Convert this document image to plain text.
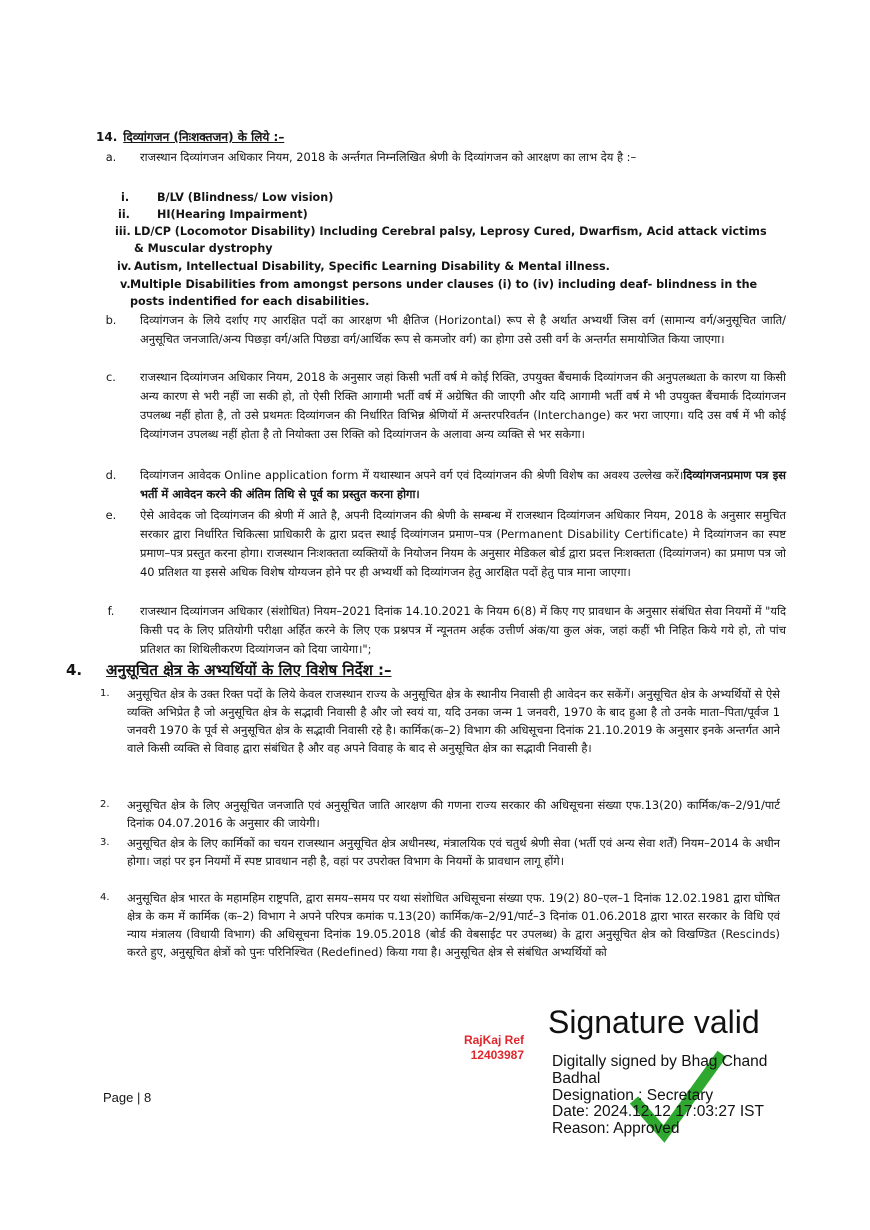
14. दिव्यांगजन (निःशक्तजन) के लिये :–
a.	राजस्थान दिव्यांगजन अधिकार नियम, 2018 के अर्न्तगत निम्नलिखित श्रेणी के दिव्यांगजन को आरक्षण का लाभ देय है :–
i. B/LV (Blindness/ Low vision)
ii. HI(Hearing Impairment)
iii. LD/CP (Locomotor Disability) Including Cerebral palsy, Leprosy Cured, Dwarfism, Acid attack victims & Muscular dystrophy
iv. Autism, Intellectual Disability, Specific Learning Disability & Mental illness.
v. Multiple Disabilities from amongst persons under clauses (i) to (iv) including deaf- blindness in the posts indentified for each disabilities.
b.	दिव्यांगजन के लिये दर्शाए गए आरक्षित पदों का आरक्षण भी क्षैतिज (Horizontal) रूप से है अर्थात अभ्यर्थी जिस वर्ग (सामान्य वर्ग/अनुसूचित जाति/अनुसूचित जनजाति/अन्य पिछड़ा वर्ग/अति पिछडा वर्ग/आर्थिक रूप से कमजोर वर्ग) का होगा उसे उसी वर्ग के अन्तर्गत समायोजित किया जाएगा।
c.	राजस्थान दिव्यांगजन अधिकार नियम, 2018 के अनुसार जहां किसी भर्ती वर्ष मे कोई रिक्ति, उपयुक्त बैंचमार्क दिव्यांगजन की अनुपलब्धता के कारण या किसी अन्य कारण से भरी नहीं जा सकी हो, तो ऐसी रिक्ति आगामी भर्ती वर्ष में अग्रेषित की जाएगी और यदि आगामी भर्ती वर्ष मे भी उपयुक्त बैंचमार्क दिव्यांगजन उपलब्ध नहीं होता है, तो उसे प्रथमतः दिव्यांगजन की निर्धारित विभिन्न श्रेणियों में अन्तरपरिवर्तन (Interchange) कर भरा जाएगा। यदि उस वर्ष में भी कोई दिव्यांगजन उपलब्ध नहीं होता है तो नियोक्ता उस रिक्ति को दिव्यांगजन के अलावा अन्य व्यक्ति से भर सकेगा।
d.	दिव्यांगजन आवेदक Online application form में यथास्थान अपने वर्ग एवं दिव्यांगजन की श्रेणी विशेष का अवश्य उल्लेख करें।दिव्यांगजनप्रमाण पत्र इस भर्ती में आवेदन करने की अंतिम तिथि से पूर्व का प्रस्तुत करना होगा।
e.	ऐसे आवेदक जो दिव्यांगजन की श्रेणी में आते है, अपनी दिव्यांगजन की श्रेणी के सम्बन्ध में राजस्थान दिव्यांगजन अधिकार नियम, 2018 के अनुसार समुचित सरकार द्वारा निर्धारित चिकित्सा प्राधिकारी के द्वारा प्रदत्त स्थाई दिव्यांगजन प्रमाण–पत्र (Permanent Disability Certificate) मे दिव्यांगजन का स्पष्ट प्रमाण–पत्र प्रस्तुत करना होगा। राजस्थान निःशक्तता व्यक्तियों के नियोजन नियम के अनुसार मेडिकल बोर्ड द्वारा प्रदत्त निःशक्तता (दिव्यांगजन) का प्रमाण पत्र जो 40 प्रतिशत या इससे अधिक विशेष योग्यजन होने पर ही अभ्यर्थी को दिव्यांगजन हेतु आरक्षित पदों हेतु पात्र माना जाएगा।
f.	राजस्थान दिव्यांगजन अधिकार (संशोधित) नियम–2021 दिनांक 14.10.2021 के नियम 6(8) में किए गए प्रावधान के अनुसार संबंधित सेवा नियमों में "यदि किसी पद के लिए प्रतियोगी परीक्षा अर्हित करने के लिए एक प्रश्नपत्र में न्यूनतम अर्हक उत्तीर्ण अंक/या कुल अंक, जहां कहीं भी निहित किये गये हो, तो पांच प्रतिशत का शिथिलीकरण दिव्यांगजन को दिया जायेगा।";
4. अनुसूचित क्षेत्र के अभ्यर्थियों के लिए विशेष निर्देश :–
1. अनुसूचित क्षेत्र के उक्त रिक्त पदों के लिये केवल राजस्थान राज्य के अनुसूचित क्षेत्र के स्थानीय निवासी ही आवेदन कर सकेंगें। अनुसूचित क्षेत्र के अभ्यर्थियों से ऐसे व्यक्ति अभिप्रेत है जो अनुसूचित क्षेत्र के सद्भावी निवासी है और जो स्वयं या, यदि उनका जन्म 1 जनवरी, 1970 के बाद हुआ है तो उनके माता–पिता/पूर्वज 1 जनवरी 1970 के पूर्व से अनुसूचित क्षेत्र के सद्भावी निवासी रहे है। कार्मिक(क–2) विभाग की अधिसूचना दिनांक 21.10.2019 के अनुसार इनके अन्तर्गत आने वाले किसी व्यक्ति से विवाह द्वारा संबंधित है और वह अपने विवाह के बाद से अनुसूचित क्षेत्र का सद्भावी निवासी है।
2. अनुसूचित क्षेत्र के लिए अनुसूचित जनजाति एवं अनुसूचित जाति आरक्षण की गणना राज्य सरकार की अधिसूचना संख्या एफ.13(20) कार्मिक/क–2/91/पार्ट दिनांक 04.07.2016 के अनुसार की जायेगी।
3. अनुसूचित क्षेत्र के लिए कार्मिकों का चयन राजस्थान अनुसूचित क्षेत्र अधीनस्थ, मंत्रालयिक एवं चतुर्थ श्रेणी सेवा (भर्ती एवं अन्य सेवा शर्तें) नियम–2014 के अधीन होगा। जहां पर इन नियमों में स्पष्ट प्रावधान नही है, वहां पर उपरोक्त विभाग के नियमों के प्रावधान लागू होंगे।
4. अनुसूचित क्षेत्र भारत के महामहिम राष्ट्रपति, द्वारा समय–समय पर यथा संशोधित अधिसूचना संख्या एफ. 19(2) 80–एल–1 दिनांक 12.02.1981 द्वारा घोषित क्षेत्र के कम में कार्मिक (क–2) विभाग ने अपने परिपत्र कमांक प.13(20) कार्मिक/क–2/91/पार्ट–3 दिनांक 01.06.2018 द्वारा भारत सरकार के विधि एवं न्याय मंत्रालय (विधायी विभाग) की अधिसूचना दिनांक 19.05.2018 (बोर्ड की वेबसाईट पर उपलब्ध) के द्वारा अनुसूचित क्षेत्र को विखण्डित (Rescinds) करते हुए, अनुसूचित क्षेत्रों को पुनः परिनिश्चित (Redefined) किया गया है। अनुसूचित क्षेत्र से संबंधित अभ्यर्थियों को
RajKaj Ref
12403987
Signature valid
Digitally signed by Bhag Chand
Badhal
Designation : Secretary
Date: 2024.12.12 17:03:27 IST
Reason: Approved
Page | 8
